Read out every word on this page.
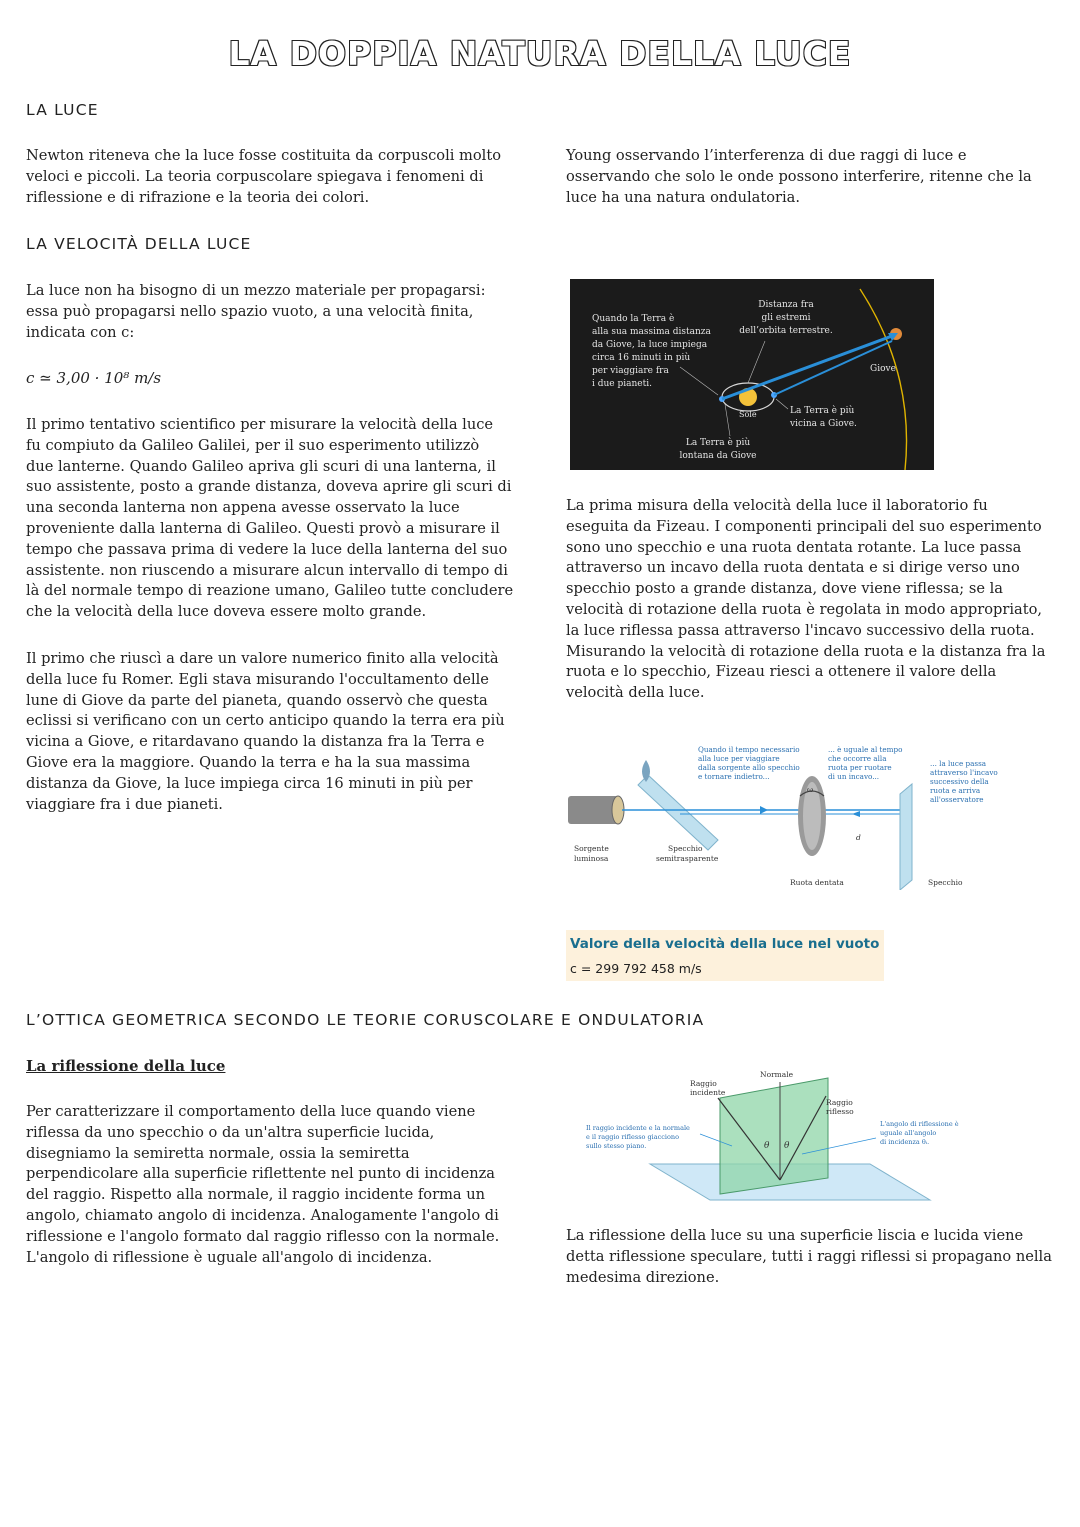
LA DOPPIA NATURA DELLA LUCE
LA LUCE

Newton riteneva che la luce fosse costituita da corpuscoli molto

veloci e piccoli. La teoria corpuscolare spiegava i fenomeni di

riflessione e di rifrazione e la teoria dei colori.

Young osservando l’interferenza di due raggi di luce e

osservando che solo le onde possono interferire, ritenne che la

luce ha una natura ondulatoria.

LA VELOCITÀ DELLA LUCE

La luce non ha bisogno di un mezzo materiale per propagarsi:

essa può propagarsi nello spazio vuoto, a una velocità finita,

indicata con c:

c ≃ 3,00 · 10⁸ m/s

Il primo tentativo scientifico per misurare la velocità della luce

fu compiuto da Galileo Galilei, per il suo esperimento utilizzò

due lanterne. Quando Galileo apriva gli scuri di una lanterna, il

suo assistente, posto a grande distanza, doveva aprire gli scuri di

una seconda lanterna non appena avesse osservato la luce

proveniente dalla lanterna di Galileo. Questi provò a misurare il

tempo che passava prima di vedere la luce della lanterna del suo

assistente. non riuscendo a misurare alcun intervallo di tempo di

là del normale tempo di reazione umano, Galileo tutte concludere

che la velocità della luce doveva essere molto grande.

Il primo che riuscì a dare un valore numerico finito alla velocità

della luce fu Romer. Egli stava misurando l'occultamento delle

lune di Giove da parte del pianeta, quando osservò che questa

eclissi si verificano con un certo anticipo quando la terra era più

vicina a Giove, e ritardavano quando la distanza fra la Terra e

Giove era la maggiore. Quando la terra e ha la sua massima

distanza da Giove, la luce impiega circa 16 minuti in più per

viaggiare fra i due pianeti.

Quando la Terra è
alla sua massima distanza
da Giove, la luce impiega
circa 16 minuti in più
per viaggiare fra
i due pianeti.
Distanza fra
gli estremi
dell’orbita terrestre.
Giove
Sole	La Terra è più
vicina a Giove.
La Terra è più
lontana da Giove

La prima misura della velocità della luce il laboratorio fu

eseguita da Fizeau. I componenti principali del suo esperimento

sono uno specchio e una ruota dentata rotante. La luce passa

attraverso un incavo della ruota dentata e si dirige verso uno

specchio posto a grande distanza, dove viene riflessa; se la

velocità di rotazione della ruota è regolata in modo appropriato,

la luce riflessa passa attraverso l'incavo successivo della ruota.

Misurando la velocità di rotazione della ruota e la distanza fra la

ruota e lo specchio, Fizeau riesci a ottenere il valore della

velocità della luce.

Quando il tempo necessario
alla luce per viaggiare
dalla sorgente allo specchio
e tornare indietro...
... è uguale al tempo
che occorre alla
ruota per ruotare
di un incavo...
... la luce passa
attraverso l'incavo
successivo della
ruota e arriva
all'osservatore
Sorgente
luminosa
Specchio
semitrasparente
Ruota dentata	Specchio
ω
d
Valore della velocità della luce nel vuoto
c = 299 792 458 m/s
L’OTTICA GEOMETRICA SECONDO LE TEORIE CORUSCOLARE E ONDULATORIA
La riflessione della luce

Per caratterizzare il comportamento della luce quando viene

riflessa da uno specchio o da un'altra superficie lucida,

disegniamo la semiretta normale, ossia la semiretta

perpendicolare alla superficie riflettente nel punto di incidenza

del raggio. Rispetto alla normale, il raggio incidente forma un

angolo, chiamato angolo di incidenza. Analogamente l'angolo di

riflessione e l'angolo formato dal raggio riflesso con la normale.

L'angolo di riflessione è uguale all'angolo di incidenza.

Normale
Raggio
incidente
Raggio
riflesso
θ θ
Il raggio incidente e la normale
e il raggio riflesso giacciono
sullo stesso piano.
L'angolo di riflessione è
uguale all'angolo
di incidenza θᵢ.

La riflessione della luce su una superficie liscia e lucida viene

detta riflessione speculare, tutti i raggi riflessi si propagano nella

medesima direzione.
